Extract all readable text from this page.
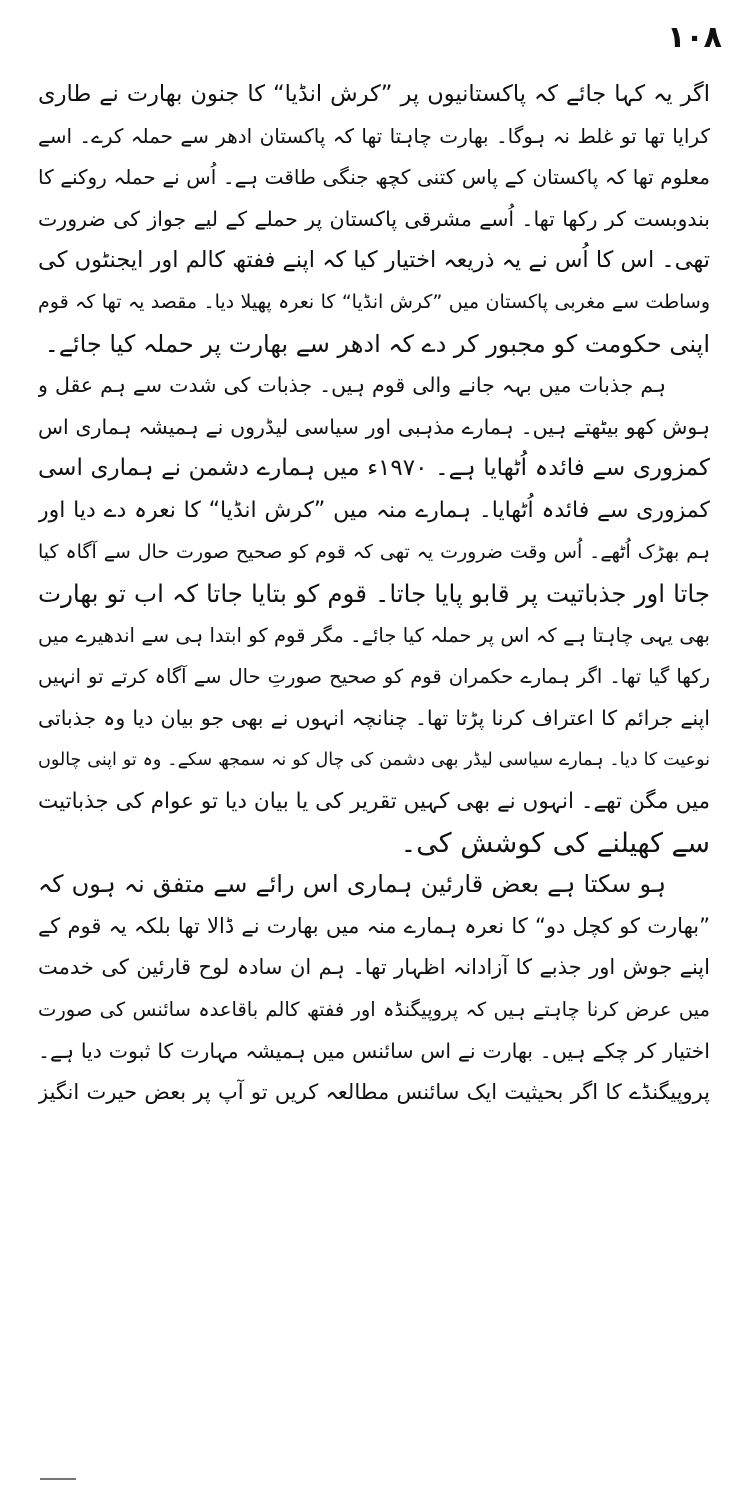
۱۰۸
اگر یہ کہا جائے کہ پاکستانیوں پر ”کرش انڈیا“ کا جنون بھارت نے طاری
کرایا تھا تو غلط نہ ہوگا۔ بھارت چاہتا تھا کہ پاکستان ادھر سے حملہ کرے۔ اسے
معلوم تھا کہ پاکستان کے پاس کتنی کچھ جنگی طاقت ہے۔ اُس نے حملہ روکنے کا
بندوبست کر رکھا تھا۔ اُسے مشرقی پاکستان پر حملے کے لیے جواز کی ضرورت
تھی۔ اس کا اُس نے یہ ذریعہ اختیار کیا کہ اپنے ففتھ کالم اور ایجنٹوں کی
وساطت سے مغربی پاکستان میں ”کرش انڈیا“ کا نعرہ پھیلا دیا۔ مقصد یہ تھا کہ قوم
اپنی حکومت کو مجبور کر دے کہ ادھر سے بھارت پر حملہ کیا جائے۔
ہم جذبات میں بہہ جانے والی قوم ہیں۔ جذبات کی شدت سے ہم عقل و
ہوش کھو بیٹھتے ہیں۔ ہمارے مذہبی اور سیاسی لیڈروں نے ہمیشہ ہماری اس
کمزوری سے فائدہ اُٹھایا ہے۔ ۱۹۷۰ء میں ہمارے دشمن نے ہماری اسی
کمزوری سے فائدہ اُٹھایا۔ ہمارے منہ میں ”کرش انڈیا“ کا نعرہ دے دیا اور
ہم بھڑک اُٹھے۔ اُس وقت ضرورت یہ تھی کہ قوم کو صحیح صورت حال سے آگاہ کیا
جاتا اور جذباتیت پر قابو پایا جاتا۔ قوم کو بتایا جاتا کہ اب تو بھارت
بھی یہی چاہتا ہے کہ اس پر حملہ کیا جائے۔ مگر قوم کو ابتدا ہی سے اندھیرے میں
رکھا گیا تھا۔ اگر ہمارے حکمران قوم کو صحیح صورتِ حال سے آگاہ کرتے تو انہیں
اپنے جرائم کا اعتراف کرنا پڑتا تھا۔ چنانچہ انہوں نے بھی جو بیان دیا وہ جذباتی
نوعیت کا دیا۔ ہمارے سیاسی لیڈر بھی دشمن کی چال کو نہ سمجھ سکے۔ وہ تو اپنی چالوں
میں مگن تھے۔ انہوں نے بھی کہیں تقریر کی یا بیان دیا تو عوام کی جذباتیت
سے کھیلنے کی کوشش کی۔
ہو سکتا ہے بعض قارئین ہماری اس رائے سے متفق نہ ہوں کہ
”بھارت کو کچل دو“ کا نعرہ ہمارے منہ میں بھارت نے ڈالا تھا بلکہ یہ قوم کے
اپنے جوش اور جذبے کا آزادانہ اظہار تھا۔ ہم ان سادہ لوح قارئین کی خدمت
میں عرض کرنا چاہتے ہیں کہ پروپیگنڈہ اور ففتھ کالم باقاعدہ سائنس کی صورت
اختیار کر چکے ہیں۔ بھارت نے اس سائنس میں ہمیشہ مہارت کا ثبوت دیا ہے۔
پروپیگنڈے کا اگر بحیثیت ایک سائنس مطالعہ کریں تو آپ پر بعض حیرت انگیز
